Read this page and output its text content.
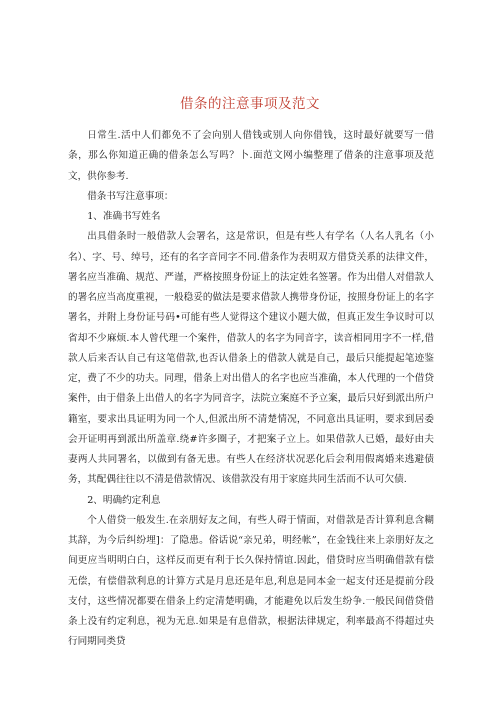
借条的注意事项及范文

日常生.活中人们都免不了会向别人借钱或别人向你借钱，这时最好就要写一借条，那么你知道正确的借条怎么写吗？卜.面范文网小编整理了借条的注意事项及范文，供你参考.

借条书写注意事项：

1、准确书写姓名

出具借条时一般借款人会署名，这是常识，但是有些人有学名（人名人乳名（小名）、字、号、绰号，还有的名字音同字不同.借条作为表明双方借贷关系的法律文件，署名应当准确、规范、严谨，严格按照身份证上的法定姓名签署。作为出借人对借款人的署名应当高度重视，一般稳妥的做法是要求借款人携带身份证，按照身份证上的名字署名，并附上身份证号码•可能有些人觉得这个建议小题大做，但真正发生争议时可以省却不少麻烦.本人曾代理一个案件，借款人的名字为同音字，读音相同用字不一样,借款人后来否认自己有这笔借款,也否认借条上的借款人就是自己，最后只能提起笔迹鉴定，费了不少的功夫。同理，借条上对出借人的名字也应当准确，本人代理的一个借贷案件，由于借条上出借人的名字为同音字，法院立案庭不予立案，最后只好到派出所户籍室，要求出具证明为同一个人,但派出所不清楚情况，不同意出具证明，要求到居委会开证明再到派出所盖章.绕#许多圈子，才把案子立上。如果借款人已婚，最好由夫妻两人共同署名，以做到有备无患。有些人在经济状况恶化后会利用假离婚来逃避债务，其配偶往往以不清是借款情况、该借款没有用于家庭共同生活而不认可欠债.

2、明确约定利息

个人借贷一般发生.在亲朋好友之间，有些人碍于情面，对借款是否计算利息含糊其辞，为今后纠纷埋]：了隐患。俗话说“亲兄弟，明经帐”，在金钱往来上亲朋好友之间更应当明明白白，这样反而更有利于长久保持情谊.因此，借贷时应当明确借款有偿无偿，有偿借款利息的计算方式是月息还是年息,利息是同本金一起支付还是提前分段支付，这些情况都要在借条上约定清楚明确，才能避免以后发生纷争.一般民间借贷借条上没有约定利息，视为无息.如果是有息借款，根据法律规定，利率最高不得超过央行同期同类贷
